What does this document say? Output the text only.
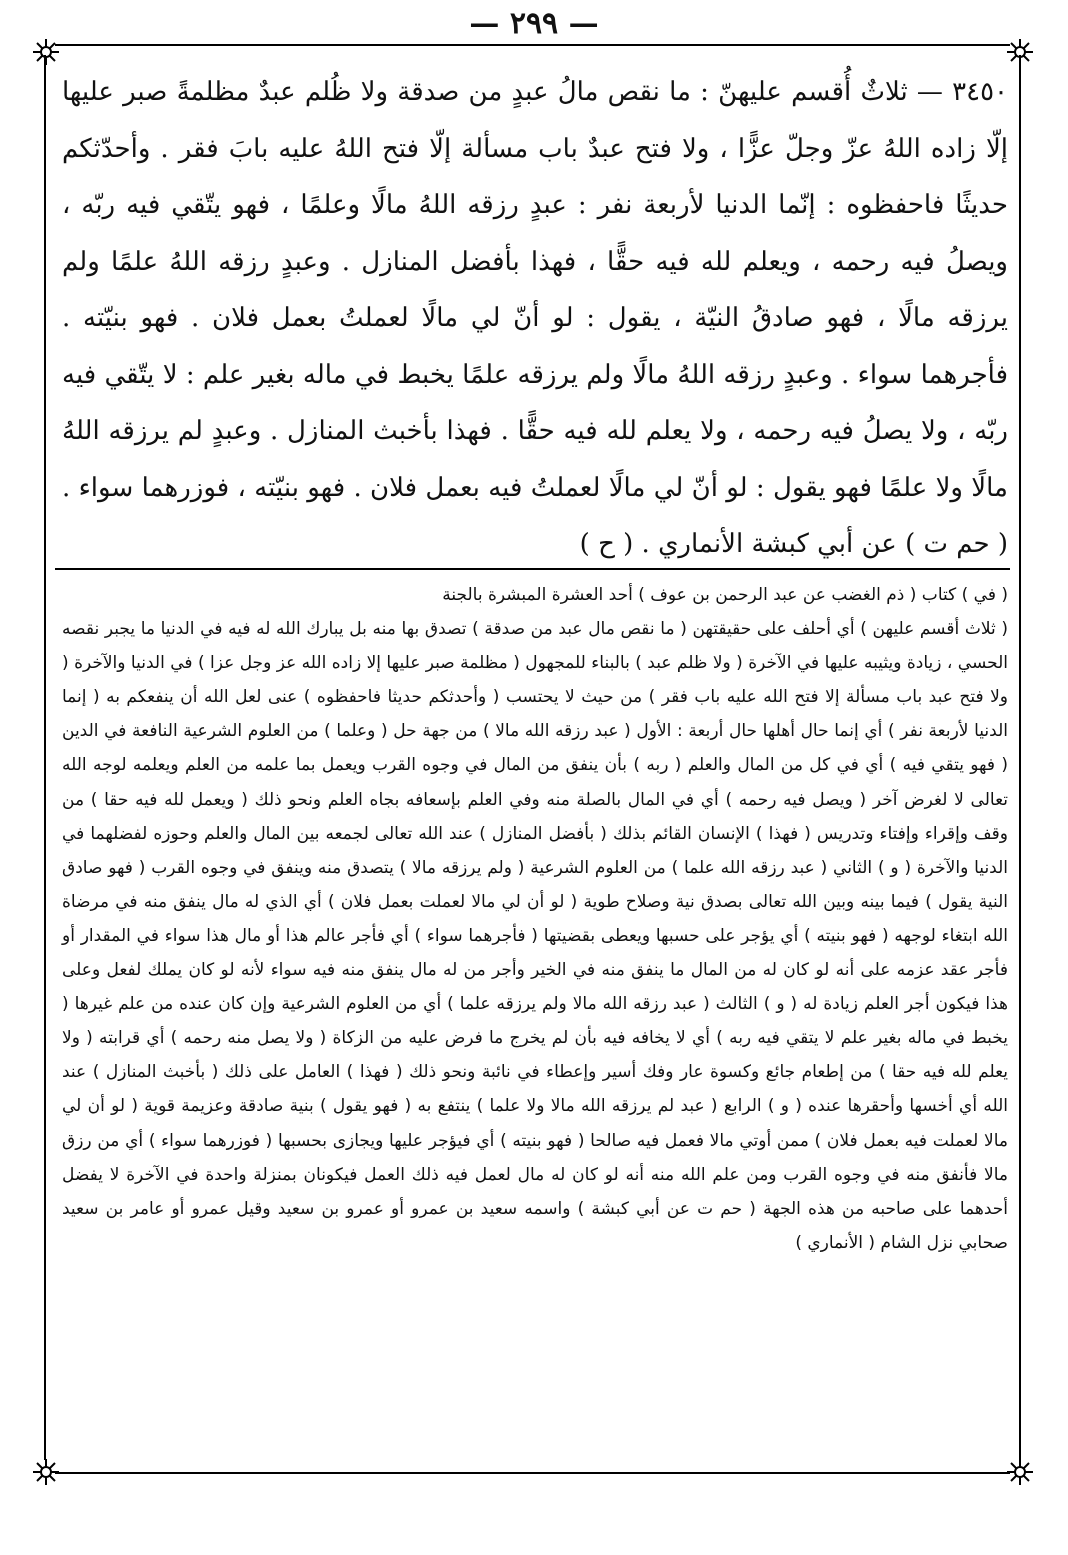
— ٢٩٩ —
٣٤٥٠ — ثلاثٌ أُقسم عليهنّ : ما نقص مالُ عبدٍ من صدقة ولا ظُلم عبدٌ مظلمةً صبر عليها إلّا زاده اللهُ عزّ وجلّ عزًّا ، ولا فتح عبدٌ باب مسألة إلّا فتح اللهُ عليه بابَ فقر . وأحدّثكم حديثًا فاحفظوه : إنّما الدنيا لأربعة نفر : عبدٍ رزقه اللهُ مالًا وعلمًا ، فهو يتّقي فيه ربّه ، ويصلُ فيه رحمه ، ويعلم لله فيه حقًّا ، فهذا بأفضل المنازل . وعبدٍ رزقه اللهُ علمًا ولم يرزقه مالًا ، فهو صادقُ النيّة ، يقول : لو أنّ لي مالًا لعملتُ بعمل فلان . فهو بنيّته . فأجرهما سواء . وعبدٍ رزقه اللهُ مالًا ولم يرزقه علمًا يخبط في ماله بغير علم : لا يتّقي فيه ربّه ، ولا يصلُ فيه رحمه ، ولا يعلم لله فيه حقًّا . فهذا بأخبث المنازل . وعبدٍ لم يرزقه اللهُ مالًا ولا علمًا فهو يقول : لو أنّ لي مالًا لعملتُ فيه بعمل فلان . فهو بنيّته ، فوزرهما سواء . ( حم ت ) عن أبي كبشة الأنماري . ( ح )

( في ) كتاب ( ذم الغضب عن عبد الرحمن بن عوف ) أحد العشرة المبشرة بالجنة

( ثلاث أقسم عليهن ) أي أحلف على حقيقتهن ( ما نقص مال عبد من صدقة ) تصدق بها منه بل يبارك الله له فيه في الدنيا ما يجبر نقصه الحسي ، زيادة ويثيبه عليها في الآخرة ( ولا ظلم عبد ) بالبناء للمجهول ( مظلمة صبر عليها إلا زاده الله عز وجل عزا ) في الدنيا والآخرة ( ولا فتح عبد باب مسألة إلا فتح الله عليه باب فقر ) من حيث لا يحتسب ( وأحدثكم حديثا فاحفظوه ) عنى لعل الله أن ينفعكم به ( إنما الدنيا لأربعة نفر ) أي إنما حال أهلها حال أربعة : الأول ( عبد رزقه الله مالا ) من جهة حل ( وعلما ) من العلوم الشرعية النافعة في الدين ( فهو يتقي فيه ) أي في كل من المال والعلم ( ربه ) بأن ينفق من المال في وجوه القرب ويعمل بما علمه من العلم ويعلمه لوجه الله تعالى لا لغرض آخر ( ويصل فيه رحمه ) أي في المال بالصلة منه وفي العلم بإسعافه بجاه العلم ونحو ذلك ( ويعمل لله فيه حقا ) من وقف وإقراء وإفتاء وتدريس ( فهذا ) الإنسان القائم بذلك ( بأفضل المنازل ) عند الله تعالى لجمعه بين المال والعلم وحوزه لفضلهما في الدنيا والآخرة ( و ) الثاني ( عبد رزقه الله علما ) من العلوم الشرعية ( ولم يرزقه مالا ) يتصدق منه وينفق في وجوه القرب ( فهو صادق النية يقول ) فيما بينه وبين الله تعالى بصدق نية وصلاح طوية ( لو أن لي مالا لعملت بعمل فلان ) أي الذي له مال ينفق منه في مرضاة الله ابتغاء لوجهه ( فهو بنيته ) أي يؤجر على حسبها ويعطى بقضيتها ( فأجرهما سواء ) أي فأجر عالم هذا أو مال هذا سواء في المقدار أو فأجر عقد عزمه على أنه لو كان له من المال ما ينفق منه في الخير وأجر من له مال ينفق منه فيه سواء لأنه لو كان يملك لفعل وعلى هذا فيكون أجر العلم زيادة له ( و ) الثالث ( عبد رزقه الله مالا ولم يرزقه علما ) أي من العلوم الشرعية وإن كان عنده من علم غيرها ( يخبط في ماله بغير علم لا يتقي فيه ربه ) أي لا يخافه فيه بأن لم يخرج ما فرض عليه من الزكاة ( ولا يصل منه رحمه ) أي قرابته ( ولا يعلم لله فيه حقا ) من إطعام جائع وكسوة عار وفك أسير وإعطاء في نائبة ونحو ذلك ( فهذا ) العامل على ذلك ( بأخبث المنازل ) عند الله أي أخسها وأحقرها عنده ( و ) الرابع ( عبد لم يرزقه الله مالا ولا علما ) ينتفع به ( فهو يقول ) بنية صادقة وعزيمة قوية ( لو أن لي مالا لعملت فيه بعمل فلان ) ممن أوتي مالا فعمل فيه صالحا ( فهو بنيته ) أي فيؤجر عليها ويجازى بحسبها ( فوزرهما سواء ) أي من رزق مالا فأنفق منه في وجوه القرب ومن علم الله منه أنه لو كان له مال لعمل فيه ذلك العمل فيكونان بمنزلة واحدة في الآخرة لا يفضل أحدهما على صاحبه من هذه الجهة ( حم ت عن أبي كبشة ) واسمه سعيد بن عمرو أو عمرو بن سعيد وقيل عمرو أو عامر بن سعيد صحابي نزل الشام ( الأنماري )
